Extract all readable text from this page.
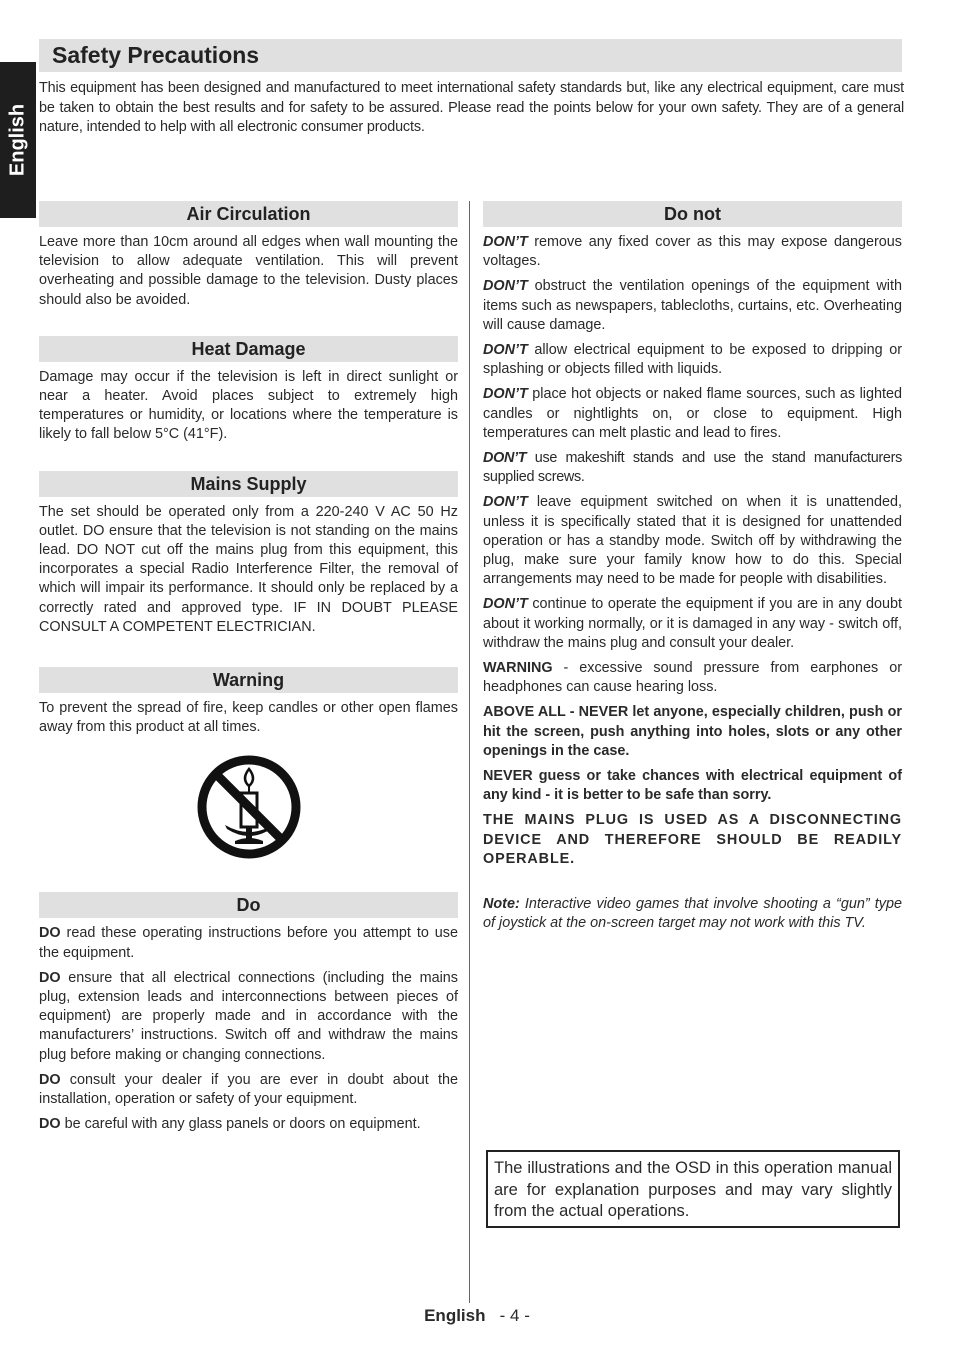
English
Safety Precautions

This equipment has been designed and manufactured to meet international safety standards but, like any electrical equipment, care must be taken to obtain the best results and for safety to be assured. Please read the points below for your own safety. They are of a general nature, intended to help with all electronic consumer products.

Air Circulation

Leave more than 10cm around all edges when wall mounting the television to allow adequate ventilation. This will prevent overheating and possible damage to the television. Dusty places should also be avoided.

Heat Damage

Damage may occur if the television is left in direct sunlight or near a heater. Avoid places subject to extremely high temperatures or humidity, or locations where the temperature is likely to fall below 5°C (41°F).

Mains Supply

The set should be operated only from a 220-240 V AC 50 Hz outlet. DO ensure that the television is not standing on the mains lead. DO NOT cut off the mains plug from this equipment, this incorporates a special Radio Interference Filter, the removal of which will impair its performance. It should only be replaced by a correctly rated and approved type. IF IN DOUBT PLEASE CONSULT A COMPETENT ELECTRICIAN.

Warning

To prevent the spread of fire, keep candles or other open flames away from this product at all times.

Do

DO read these operating instructions before you attempt to use the equipment.

DO ensure that all electrical connections (including the mains plug, extension leads and interconnections between pieces of equipment) are properly made and in accordance with the manufacturers’ instructions. Switch off and withdraw the mains plug before making or changing connections.

DO consult your dealer if you are ever in doubt about the installation, operation or safety of your equipment.

DO be careful with any glass panels or doors on equipment.

Do not

DON’T remove any fixed cover as this may expose dangerous voltages.

DON’T obstruct the ventilation openings of the equipment with items such as newspapers, tablecloths, curtains, etc. Overheating will cause damage.

DON’T allow electrical equipment to be exposed to dripping or splashing or objects filled with liquids.

DON’T place hot objects or naked flame sources, such as lighted candles or nightlights on, or close to equipment. High temperatures can melt plastic and lead to fires.

DON’T use makeshift stands and use the stand manufacturers supplied screws.

DON’T leave equipment switched on when it is unattended, unless it is specifically stated that it is designed for unattended operation or has a standby mode. Switch off by withdrawing the plug, make sure your family know how to do this. Special arrangements may need to be made for people with disabilities.

DON’T continue to operate the equipment if you are in any doubt about it working normally, or it is damaged in any way - switch off, withdraw the mains plug and consult your dealer.

WARNING - excessive sound pressure from earphones or headphones can cause hearing loss.

ABOVE ALL - NEVER let anyone, especially children, push or hit the screen, push anything into holes, slots or any other openings in the case.

NEVER guess or take chances with electrical equipment of any kind - it is better to be safe than sorry.

THE MAINS PLUG IS USED AS A DISCONNECTING DEVICE AND THEREFORE SHOULD BE READILY OPERABLE.

Note: Interactive video games that involve shooting a “gun” type of joystick at the on-screen target may not work with this TV.

The illustrations and the OSD in this operation manual are for explanation purposes and may vary slightly from the actual operations.
English - 4 -
